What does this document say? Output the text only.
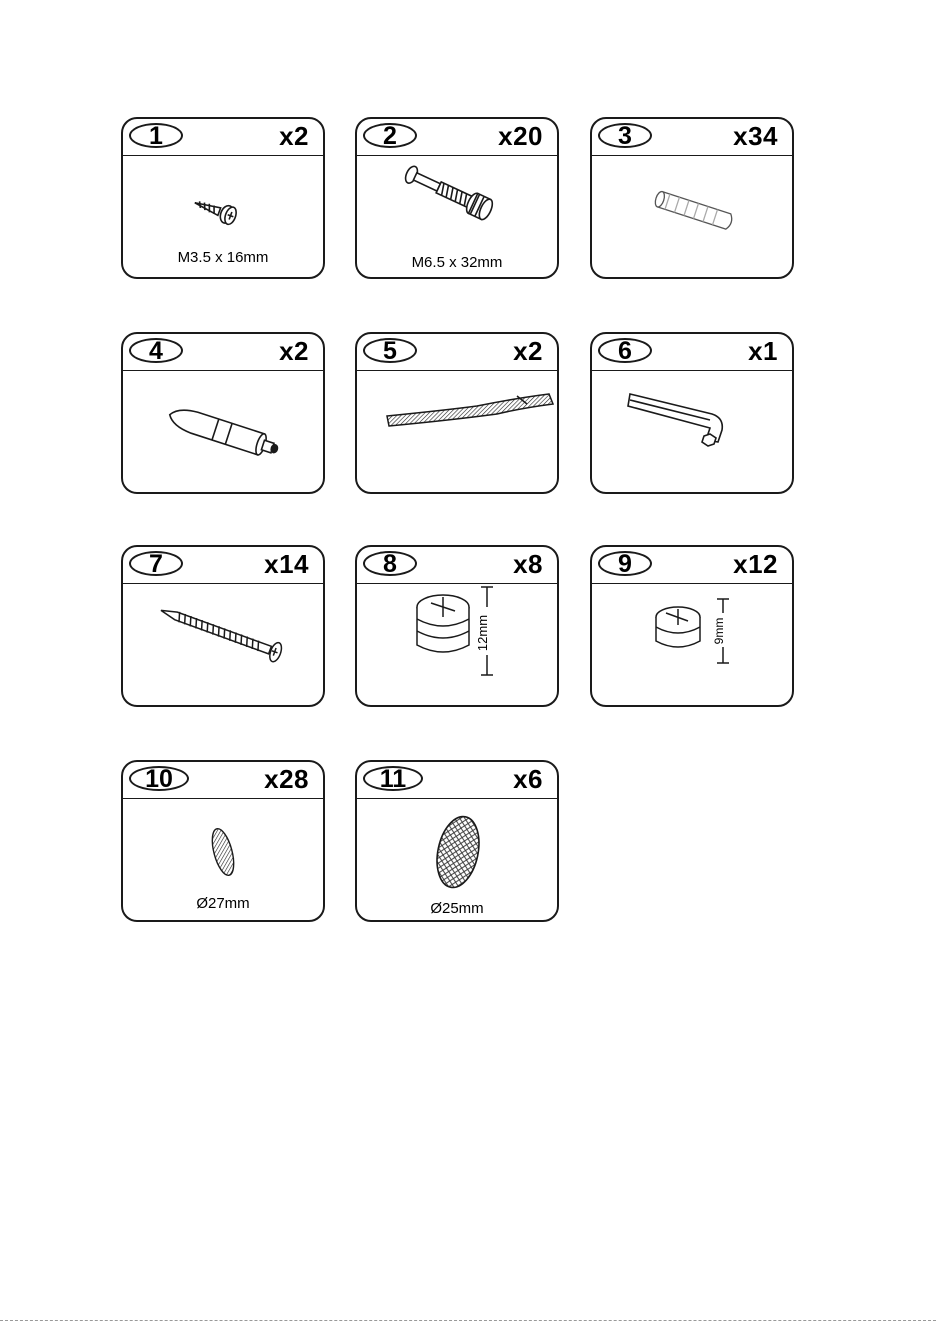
1	x2
M3.5 x 16mm
2	x20
M6.5 x 32mm
3	x34
4	x2	5	x2	6	x1
7	x14	8	x8
12mm
9	x12
9mm
10	x28
Ø27mm
11	x6
Ø25mm
